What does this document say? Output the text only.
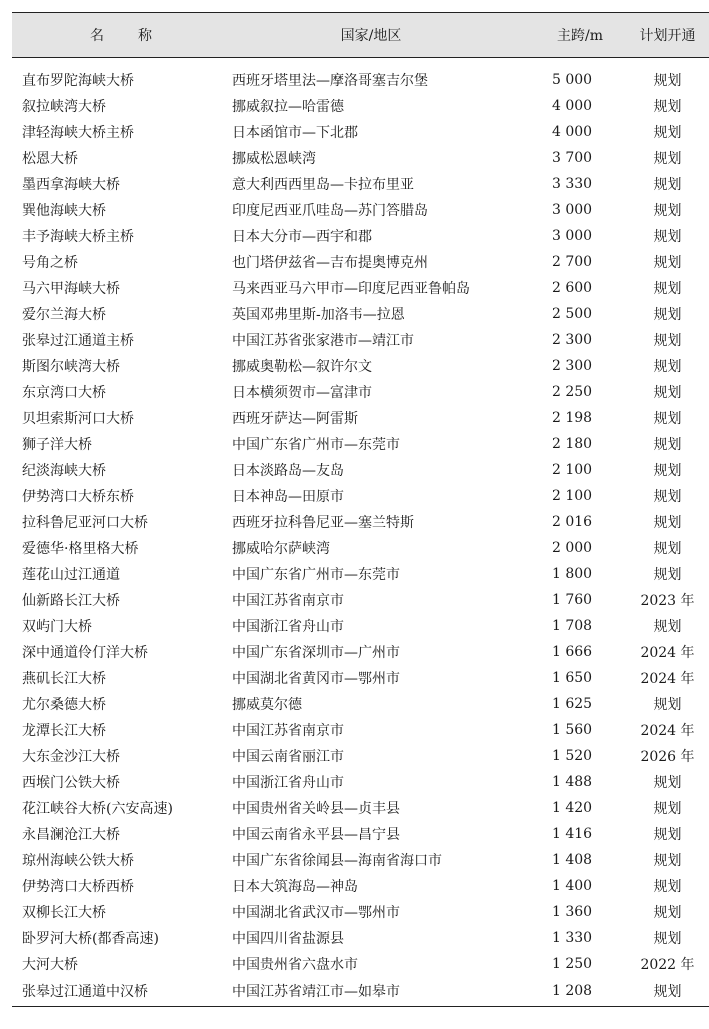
名　　称	国家/地区	主跨/m	计划开通
直布罗陀海峡大桥	西班牙塔里法—摩洛哥塞吉尔堡	5 000	规划
叙拉峡湾大桥	挪威叙拉—哈雷德	4 000	规划
津轻海峡大桥主桥	日本函馆市—下北郡	4 000	规划
松恩大桥	挪威松恩峡湾	3 700	规划
墨西拿海峡大桥	意大利西西里岛—卡拉布里亚	3 330	规划
巽他海峡大桥	印度尼西亚爪哇岛—苏门答腊岛	3 000	规划
丰予海峡大桥主桥	日本大分市—西宇和郡	3 000	规划
号角之桥	也门塔伊兹省—吉布提奥博克州	2 700	规划
马六甲海峡大桥	马来西亚马六甲市—印度尼西亚鲁帕岛	2 600	规划
爱尔兰海大桥	英国邓弗里斯-加洛韦—拉恩	2 500	规划
张皋过江通道主桥	中国江苏省张家港市—靖江市	2 300	规划
斯图尔峡湾大桥	挪威奥勒松—叙许尔文	2 300	规划
东京湾口大桥	日本横须贺市—富津市	2 250	规划
贝坦索斯河口大桥	西班牙萨达—阿雷斯	2 198	规划
狮子洋大桥	中国广东省广州市—东莞市	2 180	规划
纪淡海峡大桥	日本淡路岛—友岛	2 100	规划
伊势湾口大桥东桥	日本神岛—田原市	2 100	规划
拉科鲁尼亚河口大桥	西班牙拉科鲁尼亚—塞兰特斯	2 016	规划
爱德华·格里格大桥	挪威哈尔萨峡湾	2 000	规划
莲花山过江通道	中国广东省广州市—东莞市	1 800	规划
仙新路长江大桥	中国江苏省南京市	1 760	2023 年
双屿门大桥	中国浙江省舟山市	1 708	规划
深中通道伶仃洋大桥	中国广东省深圳市—广州市	1 666	2024 年
燕矶长江大桥	中国湖北省黄冈市—鄂州市	1 650	2024 年
尤尔桑德大桥	挪威莫尔德	1 625	规划
龙潭长江大桥	中国江苏省南京市	1 560	2024 年
大东金沙江大桥	中国云南省丽江市	1 520	2026 年
西堠门公铁大桥	中国浙江省舟山市	1 488	规划
花江峡谷大桥(六安高速)	中国贵州省关岭县—贞丰县	1 420	规划
永昌澜沧江大桥	中国云南省永平县—昌宁县	1 416	规划
琼州海峡公铁大桥	中国广东省徐闻县—海南省海口市	1 408	规划
伊势湾口大桥西桥	日本大筑海岛—神岛	1 400	规划
双柳长江大桥	中国湖北省武汉市—鄂州市	1 360	规划
卧罗河大桥(都香高速)	中国四川省盐源县	1 330	规划
大河大桥	中国贵州省六盘水市	1 250	2022 年
张皋过江通道中汉桥	中国江苏省靖江市—如皋市	1 208	规划
